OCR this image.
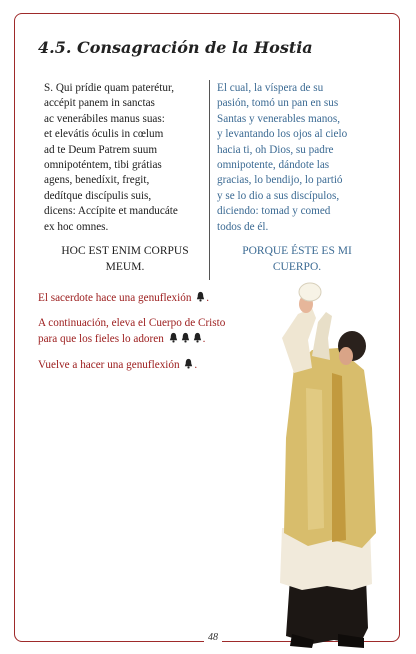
4.5. Consagración de la Hostia
S. Qui prídie quam paterétur,
accépit panem in sanctas
ac venerábiles manus suas:
et elevátis óculis in cœlum
ad te Deum Patrem suum
omnipoténtem, tibi grátias
agens, benedíxit, fregit,
dedítque discípulis suis,
dicens: Accípite et manducáte
ex hoc omnes.
El cual, la víspera de su
pasión, tomó un pan en sus
Santas y venerables manos,
y levantando los ojos al cielo
hacia ti, oh Dios, su padre
omnipotente, dándote las
gracias, lo bendijo, lo partió
y se lo dio a sus discípulos,
diciendo: tomad y comed
todos de él.
HOC EST ENIM CORPUS
MEUM.
PORQUE ÉSTE ES MI
CUERPO.
El sacerdote hace una genuflexión .
A continuación, eleva el Cuerpo de Cristo
para que los fieles lo adoren	.
Vuelve a hacer una genuflexión .
48
